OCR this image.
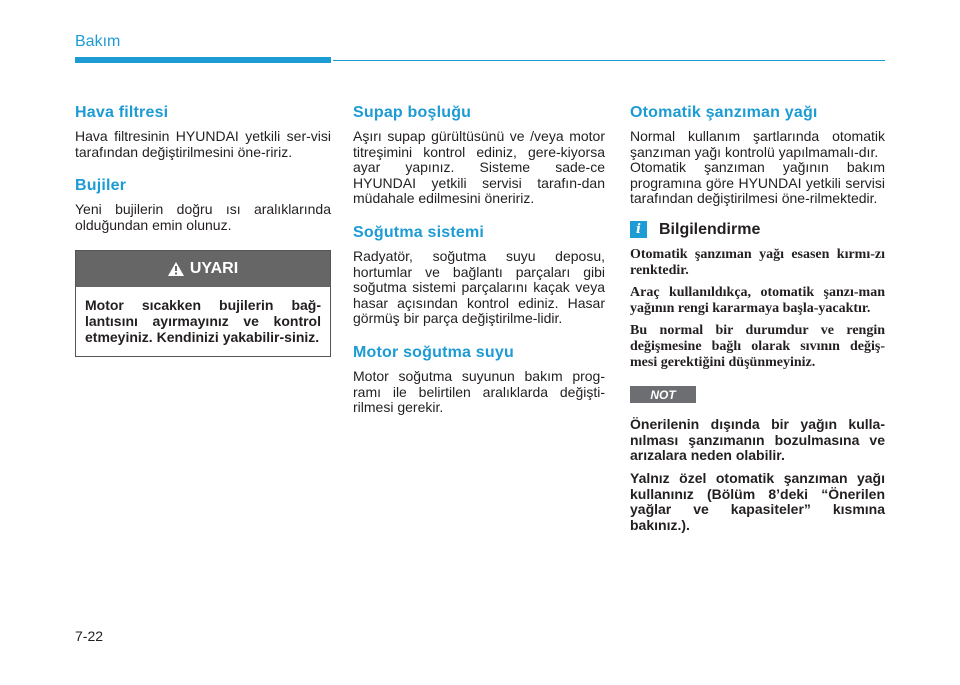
Bakım
Hava filtresi

Hava filtresinin HYUNDAI yetkili ser-visi tarafından değiştirilmesini öne-ririz.

Bujiler

Yeni bujilerin doğru ısı aralıklarında olduğundan emin olunuz.

UYARI
Motor sıcakken bujilerin bağ-lantısını ayırmayınız ve kontrol etmeyiniz. Kendinizi yakabilir-siniz.
Supap boşluğu

Aşırı supap gürültüsünü ve /veya motor titreşimini kontrol ediniz, gere-kiyorsa ayar yapınız. Sisteme sade-ce HYUNDAI yetkili servisi tarafın-dan müdahale edilmesini öneririz.

Soğutma sistemi

Radyatör, soğutma suyu deposu, hortumlar ve bağlantı parçaları gibi soğutma sistemi parçalarını kaçak veya hasar açısından kontrol ediniz. Hasar görmüş bir parça değiştirilme-lidir.

Motor soğutma suyu

Motor soğutma suyunun bakım prog-ramı ile belirtilen aralıklarda değişti-rilmesi gerekir.

Otomatik şanzıman yağı

Normal kullanım şartlarında otomatik şanzıman yağı kontrolü yapılmamalı-dır.

Otomatik şanzıman yağının bakım programına göre HYUNDAI yetkili servisi tarafından değiştirilmesi öne-rilmektedir.

i	Bilgilendirme

Otomatik şanzıman yağı esasen kırmı-zı renktedir.

Araç kullanıldıkça, otomatik şanzı-man yağının rengi kararmaya başla-yacaktır.

Bu normal bir durumdur ve rengin değişmesine bağlı olarak sıvının değiş-mesi gerektiğini düşünmeyiniz.

NOT

Önerilenin dışında bir yağın kulla-nılması şanzımanın bozulmasına ve arızalara neden olabilir.

Yalnız özel otomatik şanzıman yağı kullanınız (Bölüm 8’deki “Önerilen yağlar ve kapasiteler” kısmına bakınız.).

7-22
